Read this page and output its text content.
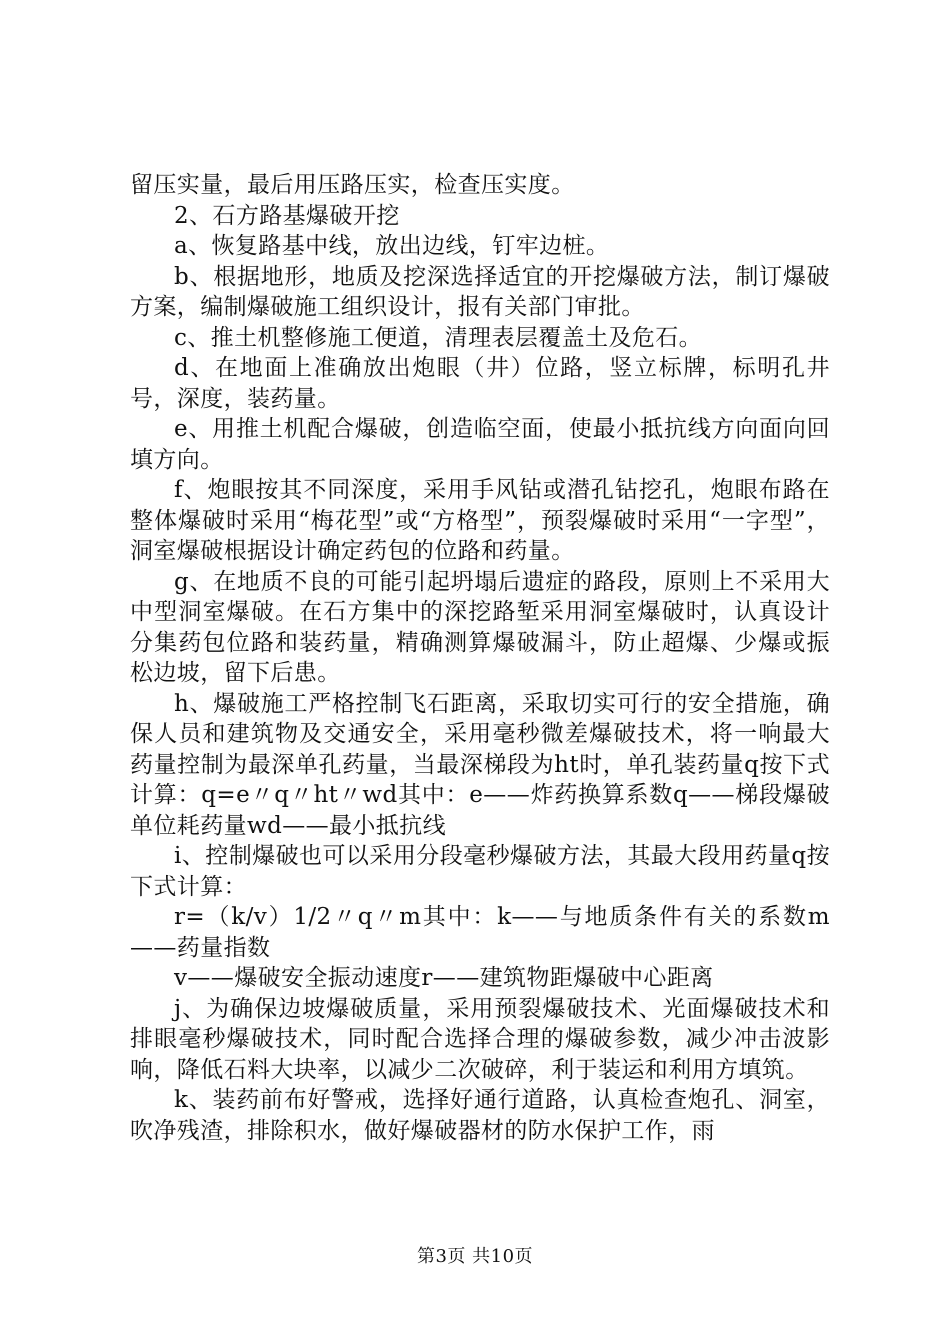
留压实量，最后用压路压实，检查压实度。

2、石方路基爆破开挖

a、恢复路基中线，放出边线，钉牢边桩。

b、根据地形，地质及挖深选择适宜的开挖爆破方法，制订爆破方案，编制爆破施工组织设计，报有关部门审批。

c、推土机整修施工便道，清理表层覆盖土及危石。

d、在地面上准确放出炮眼（井）位路，竖立标牌，标明孔井号，深度，装药量。

e、用推土机配合爆破，创造临空面，使最小抵抗线方向面向回填方向。

f、炮眼按其不同深度，采用手风钻或潜孔钻挖孔，炮眼布路在整体爆破时采用“梅花型”或“方格型”，预裂爆破时采用“一字型”，洞室爆破根据设计确定药包的位路和药量。

g、在地质不良的可能引起坍塌后遗症的路段，原则上不采用大中型洞室爆破。在石方集中的深挖路堑采用洞室爆破时，认真设计分集药包位路和装药量，精确测算爆破漏斗，防止超爆、少爆或振松边坡，留下后患。

h、爆破施工严格控制飞石距离，采取切实可行的安全措施，确保人员和建筑物及交通安全，采用毫秒微差爆破技术，将一响最大药量控制为最深单孔药量，当最深梯段为ht时，单孔装药量q按下式计算：q=e〃q〃ht〃wd其中：e——炸药换算系数q——梯段爆破单位耗药量wd——最小抵抗线

i、控制爆破也可以采用分段毫秒爆破方法，其最大段用药量q按下式计算：

r=（k/v）1/2〃q〃m其中：k——与地质条件有关的系数m——药量指数

v——爆破安全振动速度r——建筑物距爆破中心距离

j、为确保边坡爆破质量，采用预裂爆破技术、光面爆破技术和排眼毫秒爆破技术，同时配合选择合理的爆破参数，减少冲击波影响，降低石料大块率，以减少二次破碎，利于装运和利用方填筑。

k、装药前布好警戒，选择好通行道路，认真检查炮孔、洞室，吹净残渣，排除积水，做好爆破器材的防水保护工作，雨

第3页 共10页
